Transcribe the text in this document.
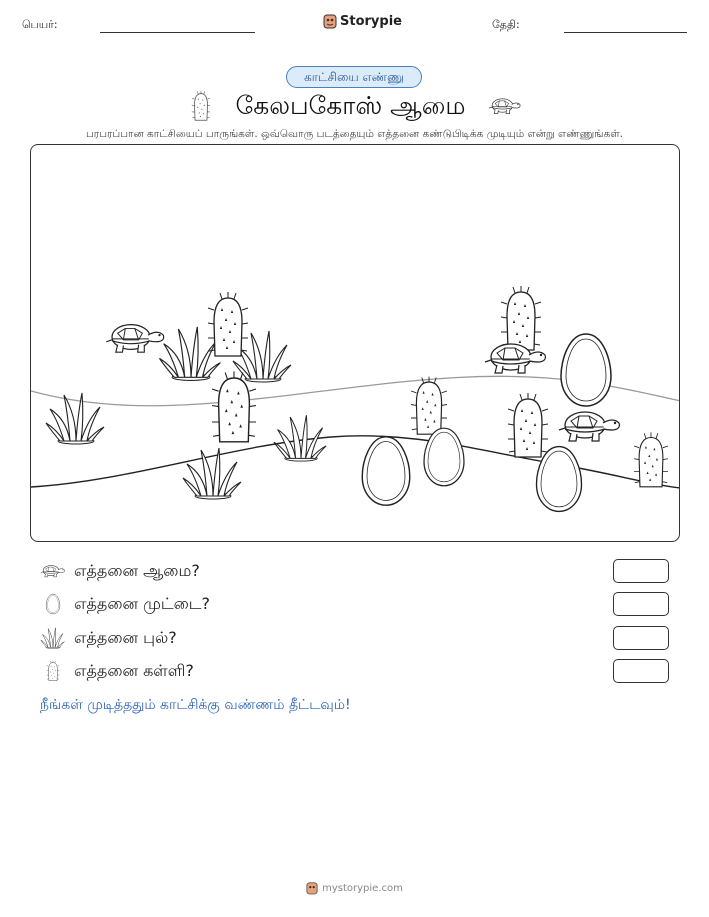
பெயர்:	Storypie	தேதி:
காட்சியை எண்ணு
கேலபகோஸ் ஆமை
பரபரப்பான காட்சியைப் பாருங்கள். ஒவ்வொரு படத்தையும் எத்தனை கண்டுபிடிக்க முடியும் என்று எண்ணுங்கள்.
எத்தனை ஆமை?
எத்தனை முட்டை?
எத்தனை புல்?
எத்தனை கள்ளி?
நீங்கள் முடித்ததும் காட்சிக்கு வண்ணம் தீட்டவும்!
mystorypie.com
